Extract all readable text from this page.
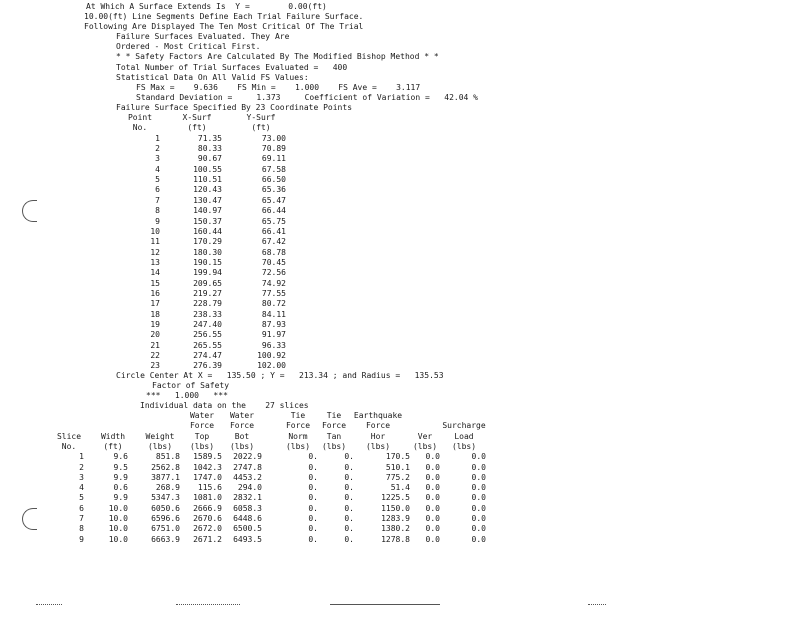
At Which A Surface Extends Is  Y =        0.00(ft)
10.00(ft) Line Segments Define Each Trial Failure Surface.
Following Are Displayed The Ten Most Critical Of The Trial
Failure Surfaces Evaluated. They Are
Ordered - Most Critical First.
* * Safety Factors Are Calculated By The Modified Bishop Method * *
Total Number of Trial Surfaces Evaluated =   400
Statistical Data On All Valid FS Values:
FS Max =    9.636    FS Min =    1.000    FS Ave =    3.117
Standard Deviation =     1.373     Coefficient of Variation =   42.04 %
Failure Surface Specified By 23 Coordinate Points
Point	X-Surf	Y-Surf
No.	(ft)	(ft)
1	71.35	73.00
2	80.33	70.89
3	90.67	69.11
4	100.55	67.58
5	110.51	66.50
6	120.43	65.36
7	130.47	65.47
8	140.97	66.44
9	150.37	65.75
10	160.44	66.41
11	170.29	67.42
12	180.30	68.78
13	190.15	70.45
14	199.94	72.56
15	209.65	74.92
16	219.27	77.55
17	228.79	80.72
18	238.33	84.11
19	247.40	87.93
20	256.55	91.97
21	265.55	96.33
22	274.47	100.92
23	276.39	102.00
Circle Center At X =   135.50 ; Y =   213.34 ; and Radius =   135.53
Factor of Safety
***   1.000   ***
Individual data on the    27 slices
Water	Water	Tie	Tie	Earthquake
Force	Force	Force	Force	Force	Surcharge
Slice	Width	Weight	Top	Bot	Norm	Tan	Hor	Ver	Load
No.	(ft)	(lbs)	(lbs)	(lbs)	(lbs)	(lbs)	(lbs)	(lbs)	(lbs)
1	9.6	851.8	1589.5	2022.9	0.	0.	170.5	0.0	0.0
2	9.5	2562.8	1042.3	2747.8	0.	0.	510.1	0.0	0.0
3	9.9	3877.1	1747.0	4453.2	0.	0.	775.2	0.0	0.0
4	0.6	268.9	115.6	294.0	0.	0.	51.4	0.0	0.0
5	9.9	5347.3	1081.0	2832.1	0.	0.	1225.5	0.0	0.0
6	10.0	6050.6	2666.9	6058.3	0.	0.	1150.0	0.0	0.0
7	10.0	6596.6	2670.6	6448.6	0.	0.	1283.9	0.0	0.0
8	10.0	6751.0	2672.0	6500.5	0.	0.	1380.2	0.0	0.0
9	10.0	6663.9	2671.2	6493.5	0.	0.	1278.8	0.0	0.0
